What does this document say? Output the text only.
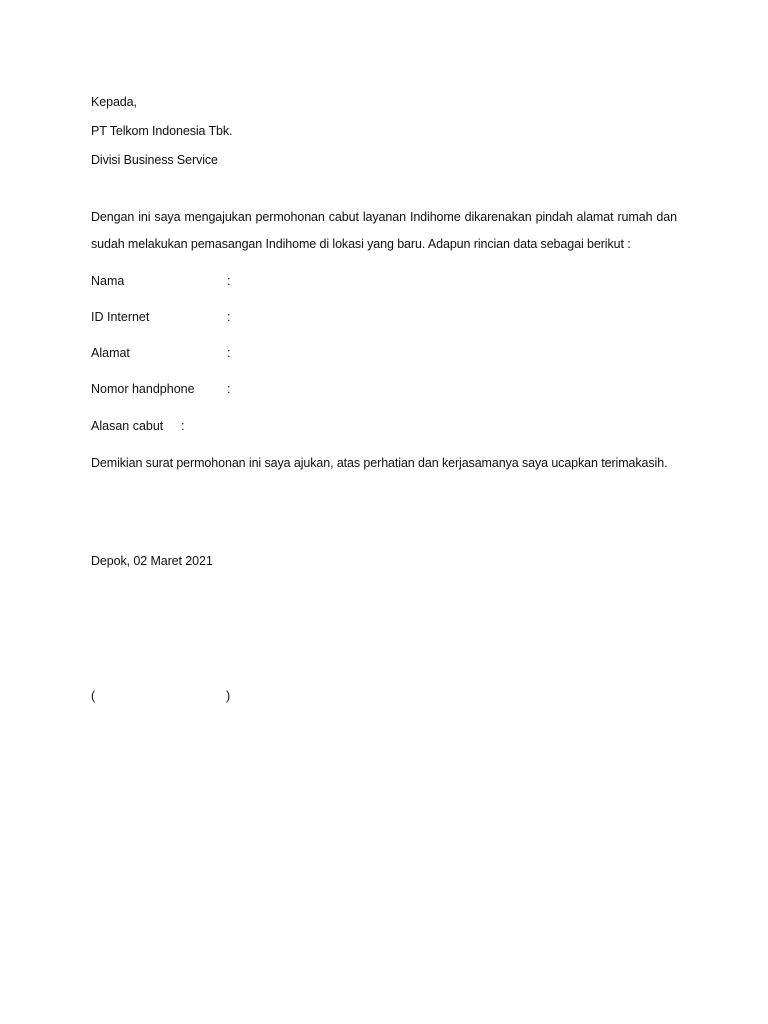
Kepada,
PT Telkom Indonesia Tbk.
Divisi Business Service
Dengan ini saya mengajukan permohonan cabut layanan Indihome dikarenakan pindah alamat rumah dan sudah melakukan pemasangan Indihome di lokasi yang baru. Adapun rincian data sebagai berikut :
Nama	:
ID Internet	:
Alamat	:
Nomor handphone	:
Alasan cabut :
Demikian surat permohonan ini saya ajukan, atas perhatian dan kerjasamanya saya ucapkan terimakasih.
Depok, 02 Maret 2021
(	)
